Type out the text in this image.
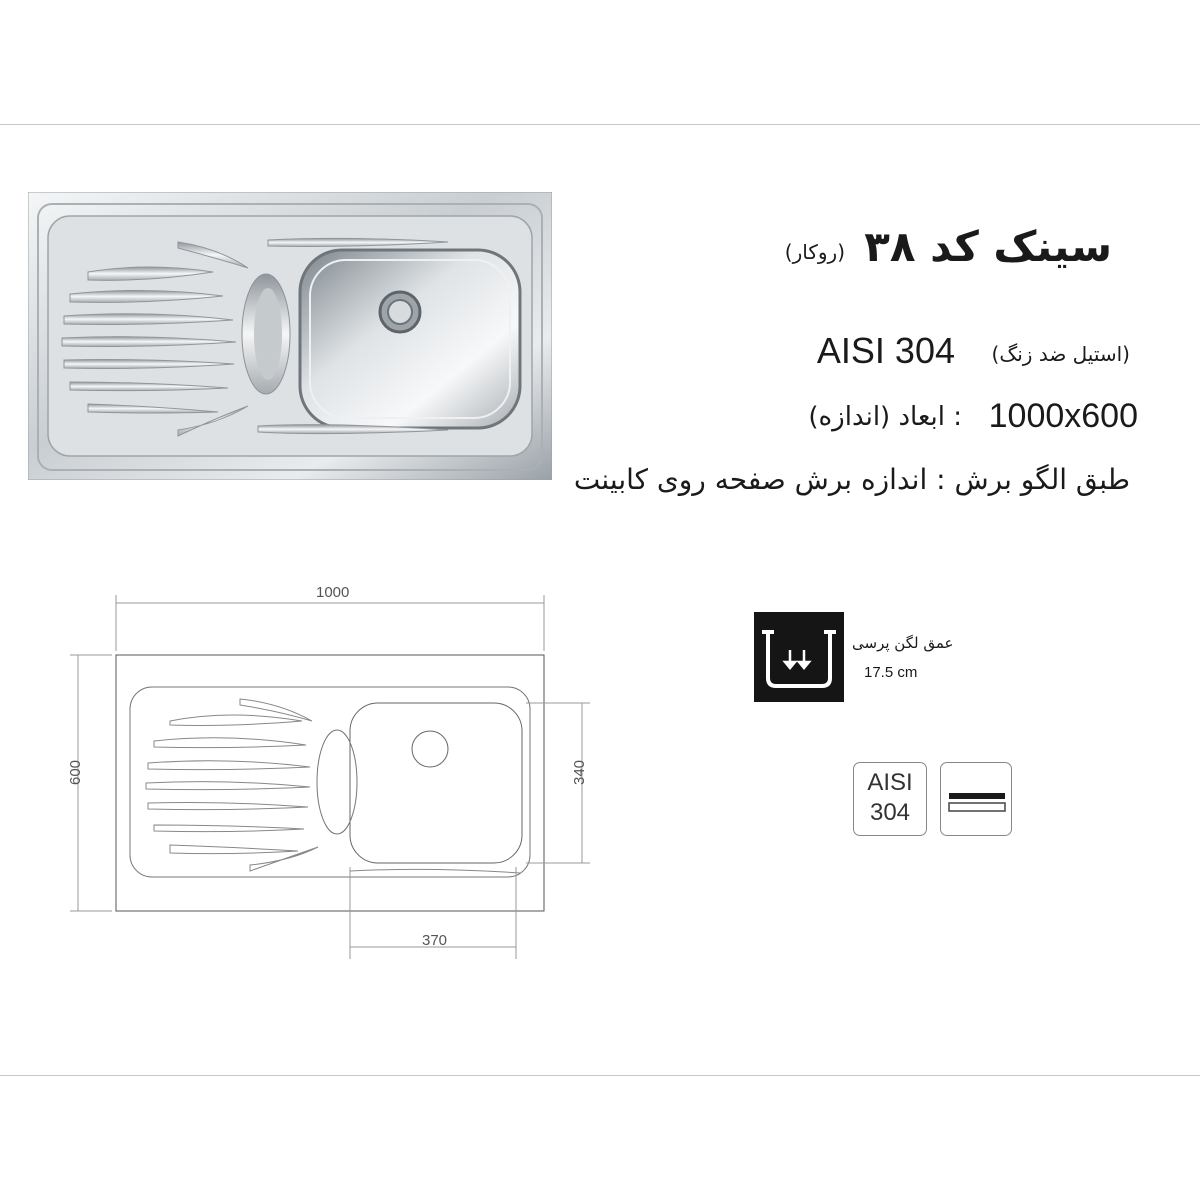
سینک کد ۳۸
(روکار)
AISI 304 (استیل ضد زنگ)
1000x600
: ابعاد (اندازه)
طبق الگو برش : اندازه برش صفحه روی کابینت
1000
600	340
370
عمق لگن پرسی
17.5 cm
AISI
304
